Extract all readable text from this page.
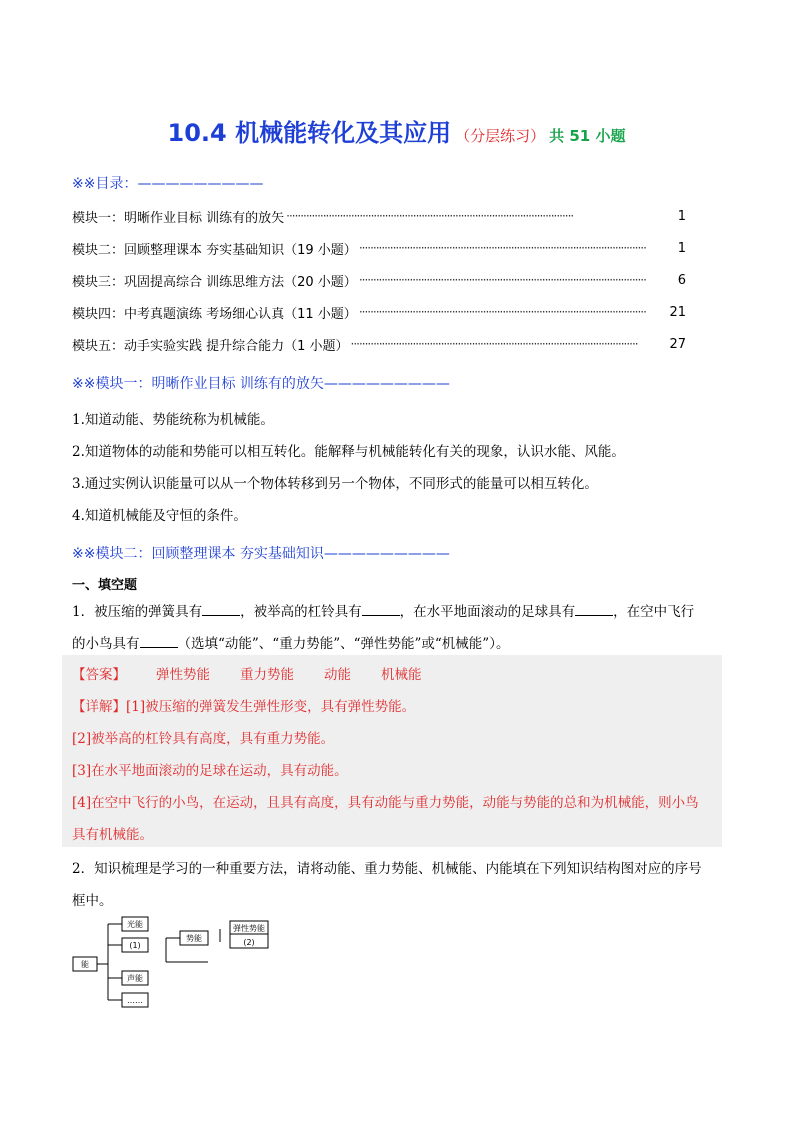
10.4 机械能转化及其应用 （分层练习） 共 51 小题
※※目录：—————————
模块一：明晰作业目标 训练有的放矢 ······································································································	1
模块二：回顾整理课本 夯实基础知识（19 小题） ······································································································	1
模块三：巩固提高综合 训练思维方法（20 小题） ······································································································	6
模块四：中考真题演练 考场细心认真（11 小题） ······································································································	21
模块五：动手实验实践 提升综合能力（1 小题） ······································································································	27
※※模块一：明晰作业目标 训练有的放矢—————————
1.知道动能、势能统称为机械能。
2.知道物体的动能和势能可以相互转化。能解释与机械能转化有关的现象，认识水能、风能。
3.通过实例认识能量可以从一个物体转移到另一个物体，不同形式的能量可以相互转化。
4.知道机械能及守恒的条件。
※※模块二：回顾整理课本 夯实基础知识—————————
一、填空题
1．被压缩的弹簧具有	，被举高的杠铃具有	，在水平地面滚动的足球具有	，在空中飞行
的小鸟具有	（选填“动能”、“重力势能”、“弹性势能”或“机械能”）。
【答案】 弹性势能 重力势能 动能 机械能
【详解】[1]被压缩的弹簧发生弹性形变，具有弹性势能。
[2]被举高的杠铃具有高度，具有重力势能。
[3]在水平地面滚动的足球在运动，具有动能。
[4]在空中飞行的小鸟，在运动，且具有高度，具有动能与重力势能，动能与势能的总和为机械能，则小鸟
具有机械能。
2．知识梳理是学习的一种重要方法，请将动能、重力势能、机械能、内能填在下列知识结构图对应的序号
框中。
能
光能
(1)
声能
……
势能
弹性势能
(2)
